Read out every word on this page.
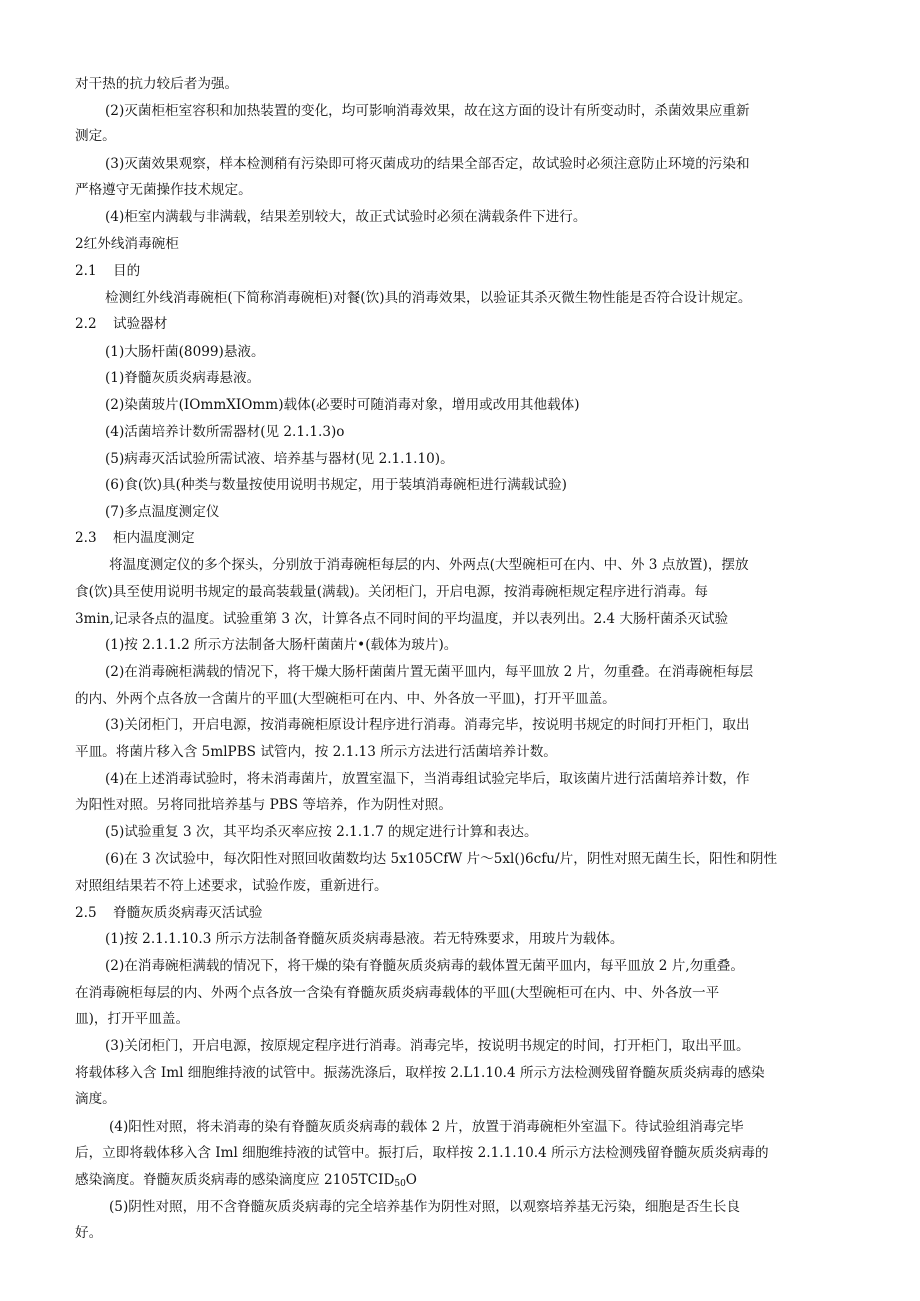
对干热的抗力较后者为强。
(2)灭菌柜柜室容积和加热装置的变化，均可影响消毒效果，故在这方面的设计有所变动时，杀菌效果应重新
测定。
(3)灭菌效果观察，样本检测稍有污染即可将灭菌成功的结果全部否定，故试验时必须注意防止环境的污染和
严格遵守无菌操作技术规定。
(4)柜室内满载与非满载，结果差别较大，故正式试验时必须在满载条件下进行。
2红外线消毒碗柜
2.1 目的
检测红外线消毒碗柜(下简称消毒碗柜)对餐(饮)具的消毒效果，以验证其杀灭微生物性能是否符合设计规定。
2.2 试验器材
(1)大肠杆菌(8099)悬液。
(1)脊髓灰质炎病毒悬液。
(2)染菌玻片(IOmmXIOmm)载体(必要时可随消毒对象，增用或改用其他载体)
(4)活菌培养计数所需器材(见 2.1.1.3)o
(5)病毒灭活试验所需试液、培养基与器材(见 2.1.1.10)。
(6)食(饮)具(种类与数量按使用说明书规定，用于装填消毒碗柜进行满载试验)
(7)多点温度测定仪
2.3 柜内温度测定
将温度测定仪的多个探头，分别放于消毒碗柜每层的内、外两点(大型碗柜可在内、中、外 3 点放置)，摆放
食(饮)具至使用说明书规定的最高装载量(满载)。关闭柜门，开启电源，按消毒碗柜规定程序进行消毒。每
3min,记录各点的温度。试验重第 3 次，计算各点不同时间的平均温度，并以表列出。2.4 大肠杆菌杀灭试验
(1)按 2.1.1.2 所示方法制备大肠杆菌菌片•(载体为玻片)。
(2)在消毒碗柜满载的情况下，将干燥大肠杆菌菌片置无菌平皿内，每平皿放 2 片，勿重叠。在消毒碗柜每层
的内、外两个点各放一含菌片的平皿(大型碗柜可在内、中、外各放一平皿)，打开平皿盖。
(3)关闭柜门，开启电源，按消毒碗柜原设计程序进行消毒。消毒完毕，按说明书规定的时间打开柜门，取出
平皿。将菌片移入含 5mlPBS 试管内，按 2.1.13 所示方法进行活菌培养计数。
(4)在上述消毒试验时，将未消毒菌片，放置室温下，当消毒组试验完毕后，取该菌片进行活菌培养计数，作
为阳性对照。另将同批培养基与 PBS 等培养，作为阴性对照。
(5)试验重复 3 次，其平均杀灭率应按 2.1.1.7 的规定进行计算和表达。
(6)在 3 次试验中，每次阳性对照回收菌数均达 5x105CfW 片～5xl()6cfu/片，阴性对照无菌生长，阳性和阴性
对照组结果若不符上述要求，试验作废，重新进行。
2.5 脊髓灰质炎病毒灭活试验
(1)按 2.1.1.10.3 所示方法制备脊髓灰质炎病毒悬液。若无特殊要求，用玻片为载体。
(2)在消毒碗柜满载的情况下，将干燥的染有脊髓灰质炎病毒的载体置无菌平皿内，每平皿放 2 片,勿重叠。
在消毒碗柜每层的内、外两个点各放一含染有脊髓灰质炎病毒载体的平皿(大型碗柜可在内、中、外各放一平
皿)，打开平皿盖。
(3)关闭柜门，开启电源，按原规定程序进行消毒。消毒完毕，按说明书规定的时间，打开柜门，取出平皿。
将载体移入含 Iml 细胞维持液的试管中。振荡洗涤后，取样按 2.L1.10.4 所示方法检测残留脊髓灰质炎病毒的感染
滴度。
(4)阳性对照，将未消毒的染有脊髓灰质炎病毒的载体 2 片，放置于消毒碗柜外室温下。待试验组消毒完毕
后，立即将载体移入含 Iml 细胞维持液的试管中。振打后，取样按 2.1.1.10.4 所示方法检测残留脊髓灰质炎病毒的
感染滴度。脊髓灰质炎病毒的感染滴度应 $2105TCID_{50}O$
(5)阴性对照，用不含脊髓灰质炎病毒的完全培养基作为阴性对照，以观察培养基无污染，细胞是否生长良
好。
